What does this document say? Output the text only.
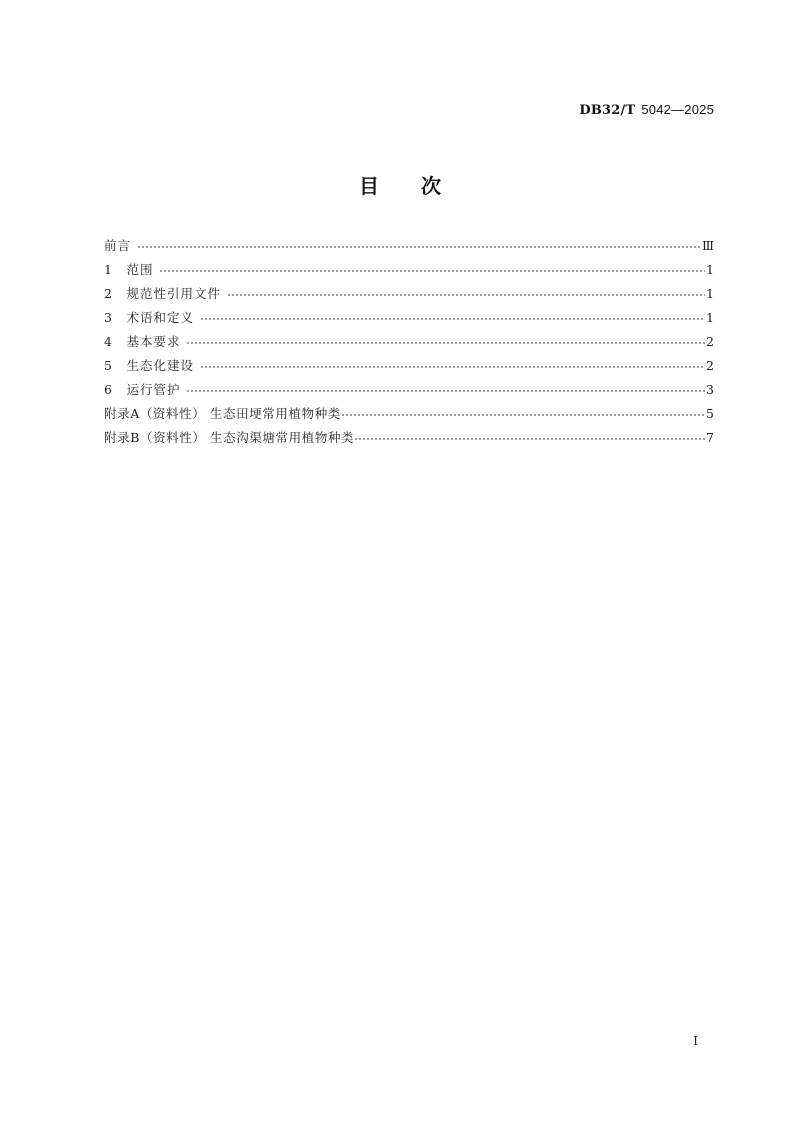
DB32/T 5042—2025
目次
前言	Ⅲ
1　范围	1
2　规范性引用文件	1
3　术语和定义	1
4　基本要求	2
5　生态化建设	2
6　运行管护	3
附录A（资料性） 生态田埂常用植物种类	5
附录B（资料性） 生态沟渠塘常用植物种类	7
I
